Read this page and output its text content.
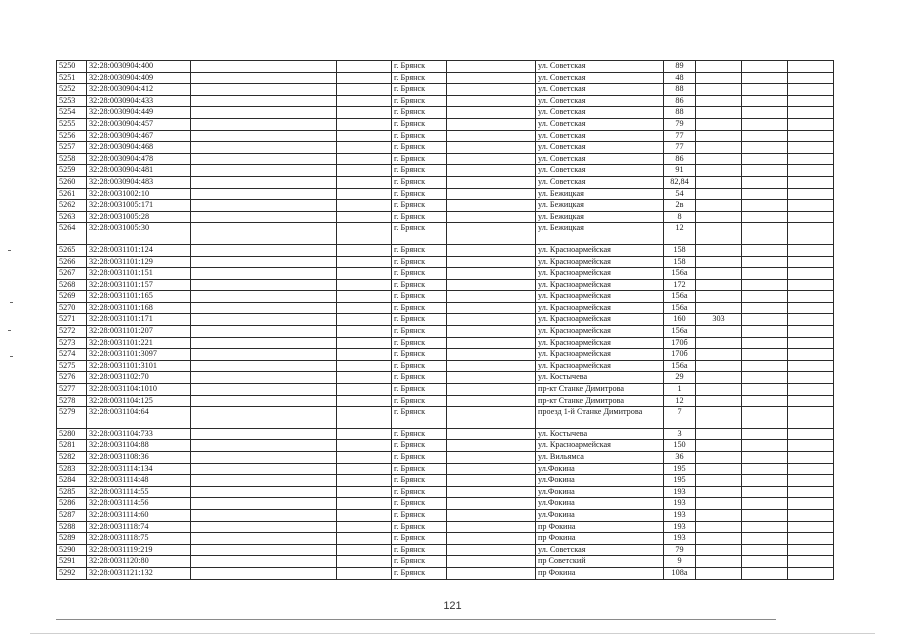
5250	32:28:0030904:400			г. Брянск		ул. Советская	89			
5251	32:28:0030904:409			г. Брянск		ул. Советская	48			
5252	32:28:0030904:412			г. Брянск		ул. Советская	88			
5253	32:28:0030904:433			г. Брянск		ул. Советская	86			
5254	32:28:0030904:449			г. Брянск		ул. Советская	88			
5255	32:28:0030904:457			г. Брянск		ул. Советская	79			
5256	32:28:0030904:467			г. Брянск		ул. Советская	77			
5257	32:28:0030904:468			г. Брянск		ул. Советская	77			
5258	32:28:0030904:478			г. Брянск		ул. Советская	86			
5259	32:28:0030904:481			г. Брянск		ул. Советская	91			
5260	32:28:0030904:483			г. Брянск		ул. Советская	82,84			
5261	32:28:0031002:10			г. Брянск		ул. Бежицкая	54			
5262	32:28:0031005:171			г. Брянск		ул. Бежицкая	2в			
5263	32:28:0031005:28			г. Брянск		ул. Бежицкая	8			
5264	32:28:0031005:30			г. Брянск		ул. Бежицкая	12			
5265	32:28:0031101:124			г. Брянск		ул. Красноармейская	158			
5266	32:28:0031101:129			г. Брянск		ул. Красноармейская	158			
5267	32:28:0031101:151			г. Брянск		ул. Красноармейская	156а			
5268	32:28:0031101:157			г. Брянск		ул. Красноармейская	172			
5269	32:28:0031101:165			г. Брянск		ул. Красноармейская	156а			
5270	32:28:0031101:168			г. Брянск		ул. Красноармейская	156а			
5271	32:28:0031101:171			г. Брянск		ул. Красноармейская	160	303		
5272	32:28:0031101:207			г. Брянск		ул. Красноармейская	156а			
5273	32:28:0031101:221			г. Брянск		ул. Красноармейская	170б			
5274	32:28:0031101:3097			г. Брянск		ул. Красноармейская	170б			
5275	32:28:0031101:3101			г. Брянск		ул. Красноармейская	156а			
5276	32:28:0031102:70			г. Брянск		ул. Костычева	29			
5277	32:28:0031104:1010			г. Брянск		пр-кт Станке Димитрова	1			
5278	32:28:0031104:125			г. Брянск		пр-кт Станке Димитрова	12			
5279	32:28:0031104:64			г. Брянск		проезд 1-й Станке Димитрова	7			
5280	32:28:0031104:733			г. Брянск		ул. Костычева	3			
5281	32:28:0031104:88			г. Брянск		ул. Красноармейская	150			
5282	32:28:0031108:36			г. Брянск		ул. Вильямса	36			
5283	32:28:0031114:134			г. Брянск		ул.Фокина	195			
5284	32:28:0031114:48			г. Брянск		ул.Фокина	195			
5285	32:28:0031114:55			г. Брянск		ул.Фокина	193			
5286	32:28:0031114:56			г. Брянск		ул.Фокина	193			
5287	32:28:0031114:60			г. Брянск		ул.Фокина	193			
5288	32:28:0031118:74			г. Брянск		пр Фокина	193			
5289	32:28:0031118:75			г. Брянск		пр Фокина	193			
5290	32:28:0031119:219			г. Брянск		ул. Советская	79			
5291	32:28:0031120:80			г. Брянск		пр Советский	9			
5292	32:28:0031121:132			г. Брянск		пр Фокина	108а			
121
